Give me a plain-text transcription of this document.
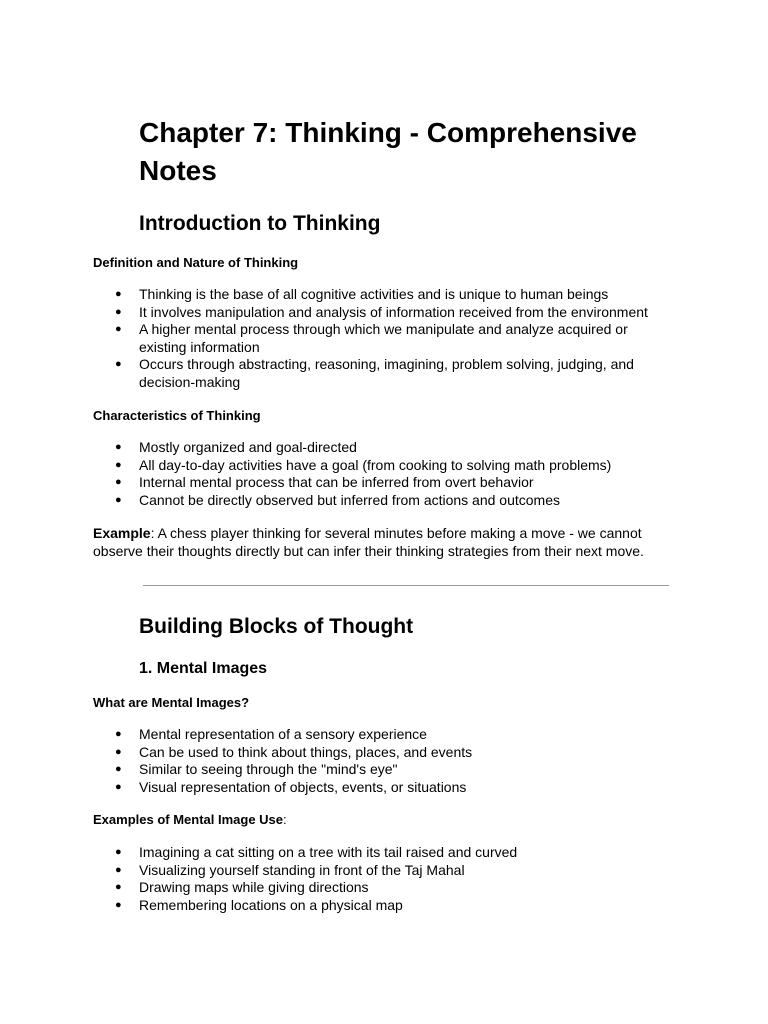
Chapter 7: Thinking - Comprehensive Notes
Introduction to Thinking
Definition and Nature of Thinking
● Thinking is the base of all cognitive activities and is unique to human beings
● It involves manipulation and analysis of information received from the environment
● A higher mental process through which we manipulate and analyze acquired or existing information
● Occurs through abstracting, reasoning, imagining, problem solving, judging, and decision-making
Characteristics of Thinking
● Mostly organized and goal-directed
● All day-to-day activities have a goal (from cooking to solving math problems)
● Internal mental process that can be inferred from overt behavior
● Cannot be directly observed but inferred from actions and outcomes

Example: A chess player thinking for several minutes before making a move - we cannot observe their thoughts directly but can infer their thinking strategies from their next move.

Building Blocks of Thought
1. Mental Images
What are Mental Images?
● Mental representation of a sensory experience
● Can be used to think about things, places, and events
● Similar to seeing through the "mind's eye"
● Visual representation of objects, events, or situations
Examples of Mental Image Use:
● Imagining a cat sitting on a tree with its tail raised and curved
● Visualizing yourself standing in front of the Taj Mahal
● Drawing maps while giving directions
● Remembering locations on a physical map
